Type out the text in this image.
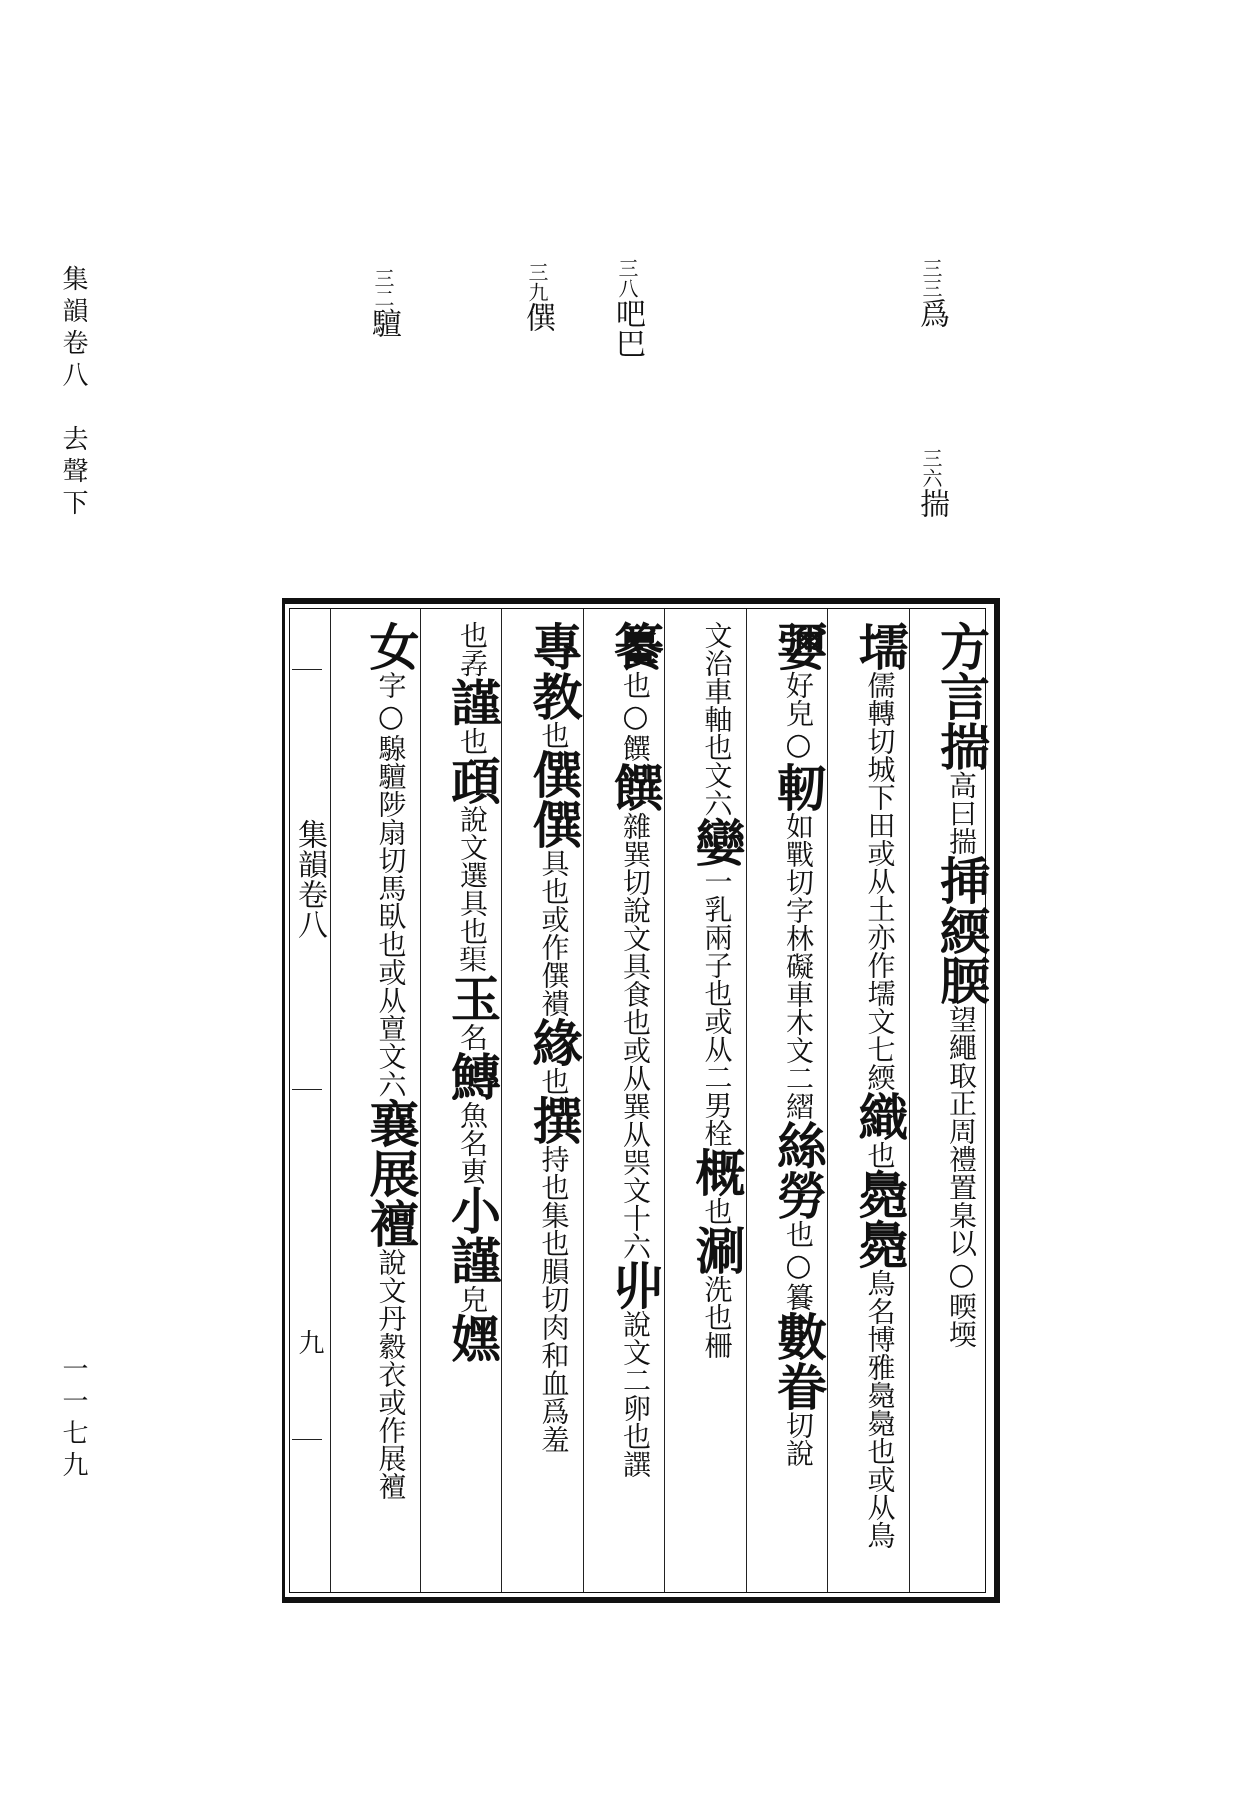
集韻卷八　去聲下
一一七九
三三爲
三六揣
三八吧巴
三九僎
三二驙
集韻卷八
九
方言揣高曰揣挿緛腝望繩取正周禮置臬以○㬉堧
壖儒轉切城下田或从土亦作壖文七緛織也䳃䳃鳥名博雅䳃䳃也或从鳥
㜷好皃○軔如戰切字林礙車木文二䌌絲勞也○籑數眷切說
文治車軸也文六孌一乳兩子也或从二男栓概也涮洗也柵
䉵也○饌饌雜巽切說文具食也或从巽从巺文十六丱說文二卵也譔
專教也僎僎具也或作僎䙡緣也撰持也集也䐣切肉和血爲羞
也孨謹也頙說文選具也𤦲玉名鱄魚名叀小謹皃嫼
女字○騡驙陟扇切馬臥也或从亶文六襄展襢說文丹縠衣或作展襢
